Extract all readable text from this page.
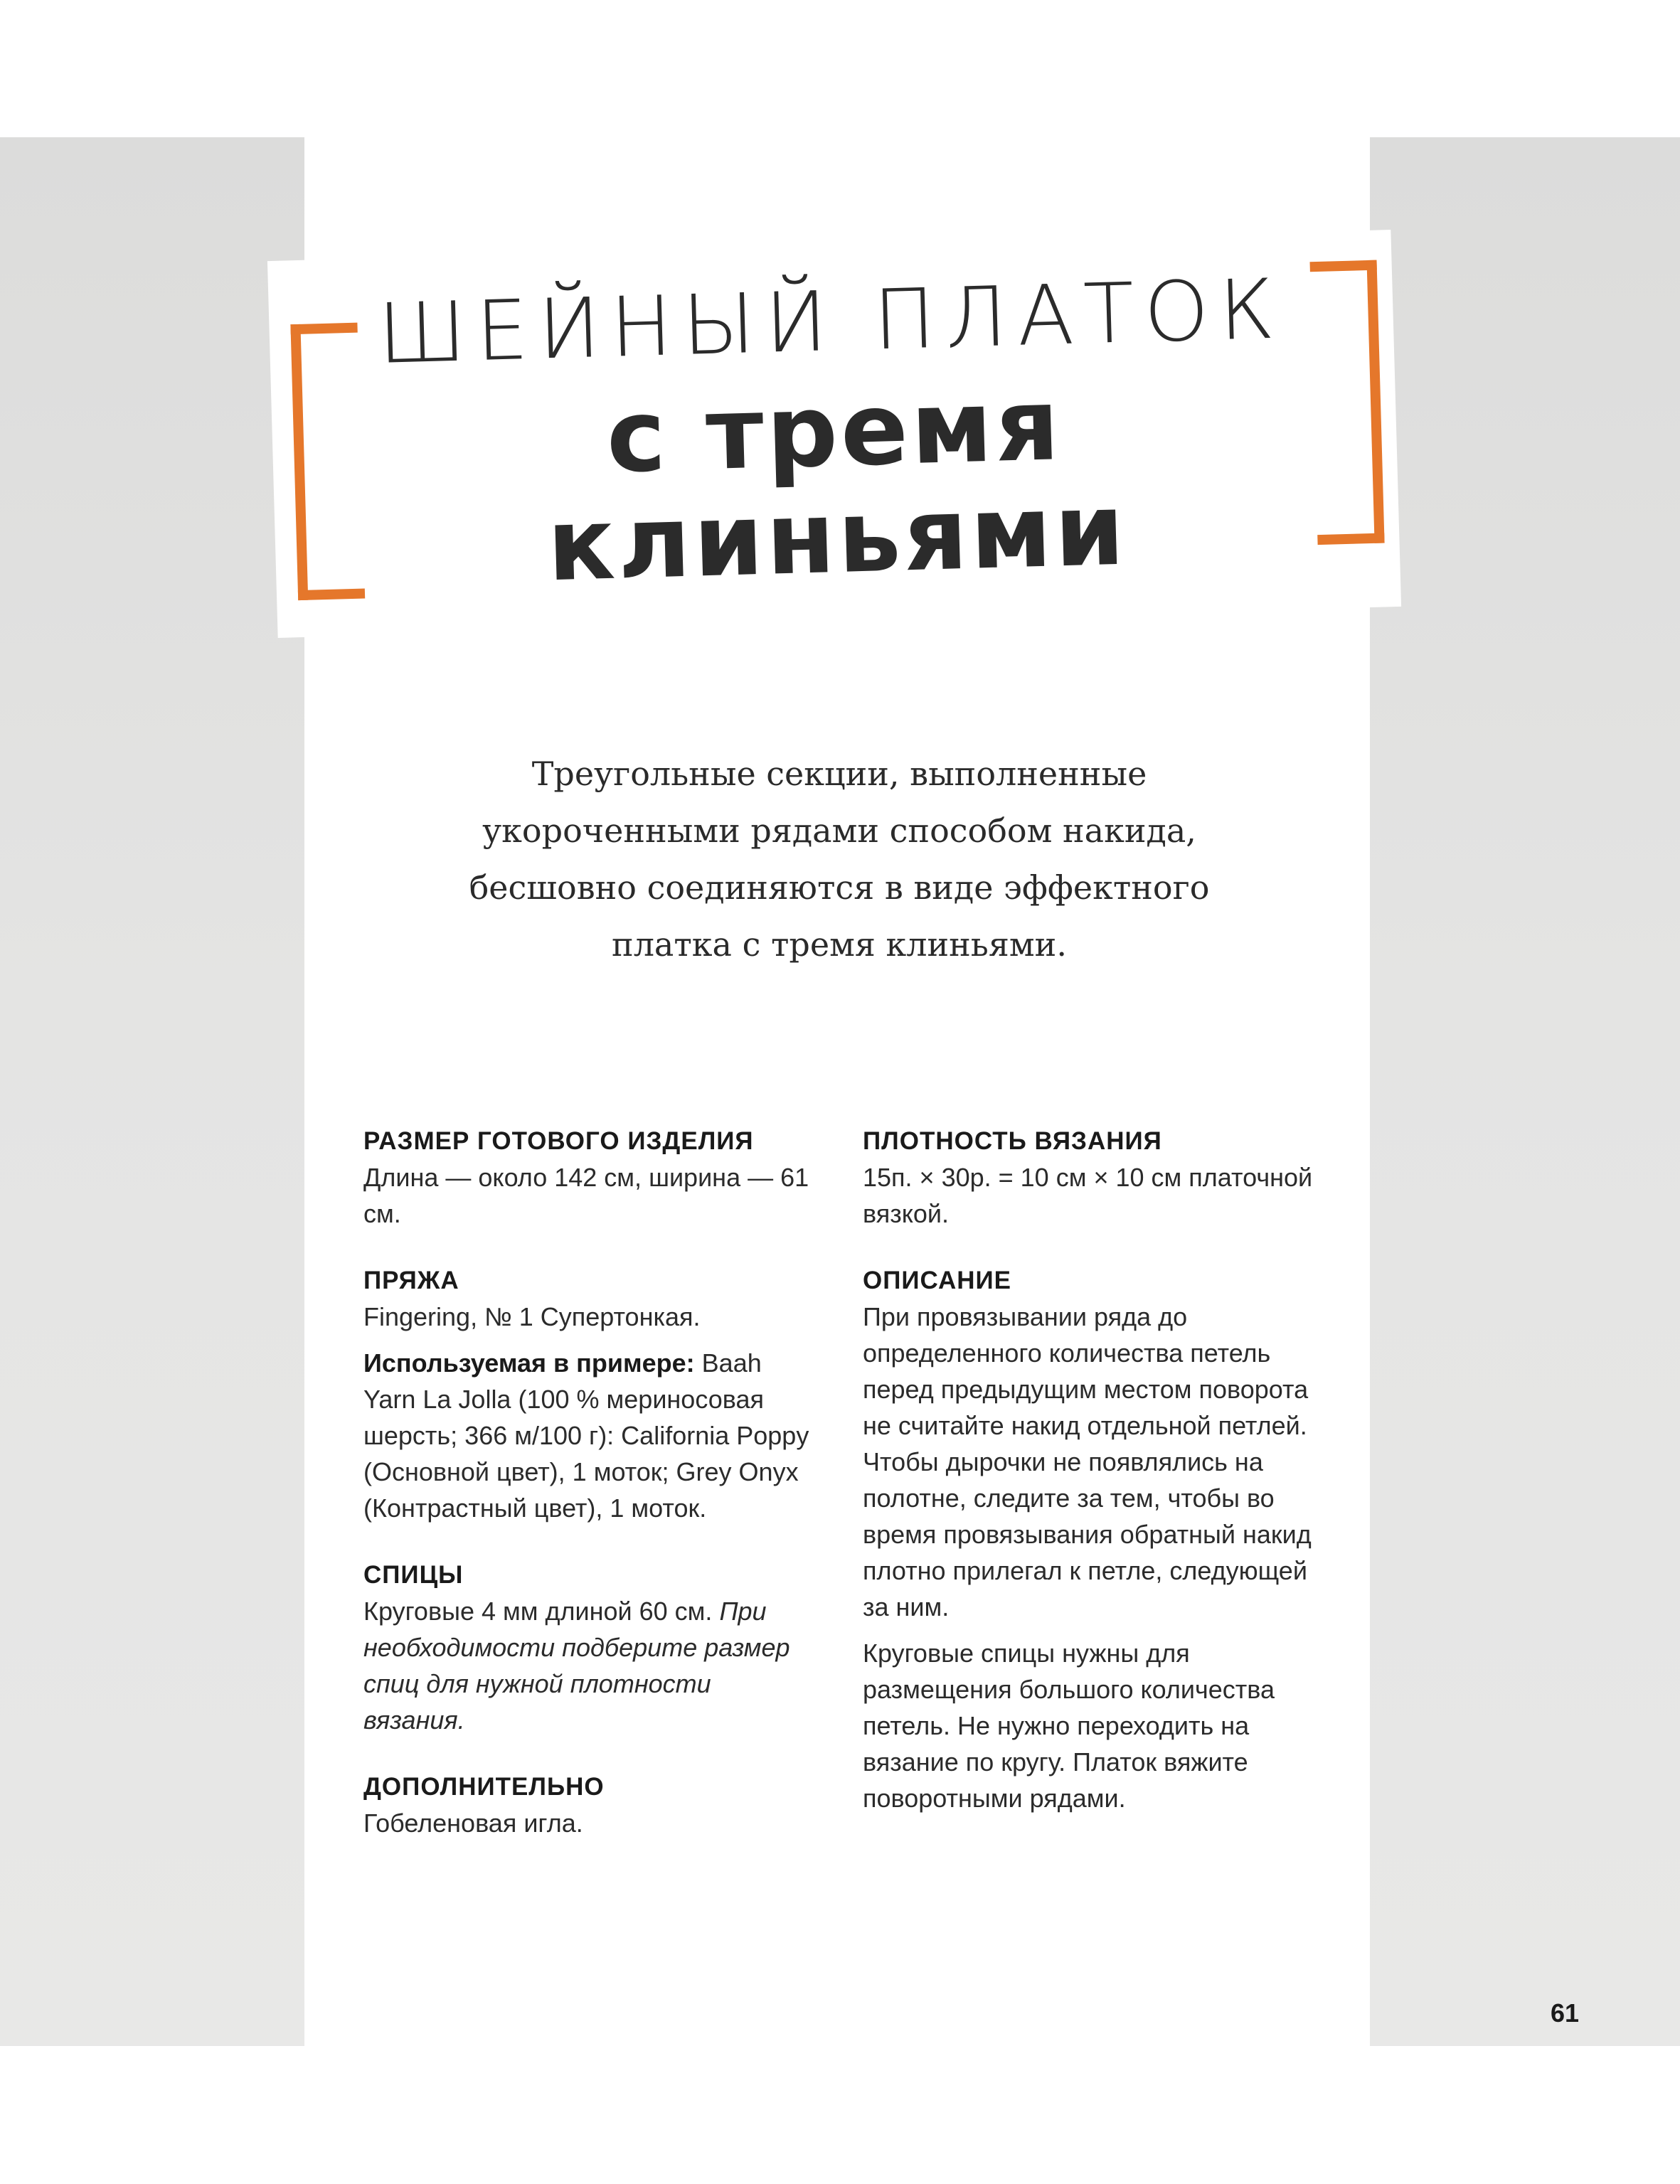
ШЕЙНЫЙ ПЛАТОК
с тремя
клиньями
Треугольные секции, выполненные
укороченными рядами способом накида,
бесшовно соединяются в виде эффектного
платка с тремя клиньями.
РАЗМЕР ГОТОВОГО ИЗДЕЛИЯ

Длина — около 142 см, ширина — 61 см.

ПРЯЖА

Fingering, № 1 Супертонкая.

Используемая в примере: Baah Yarn La Jolla (100 % мериносовая шерсть; 366 м/100 г): California Poppy (Основной цвет), 1 моток; Grey Onyx (Контрастный цвет), 1 моток.

СПИЦЫ

Круговые 4 мм длиной 60 см. При необходимости подберите размер спиц для нужной плотности вязания.

ДОПОЛНИТЕЛЬНО

Гобеленовая игла.

ПЛОТНОСТЬ ВЯЗАНИЯ

15п. × 30р. = 10 см × 10 см платочной вязкой.

ОПИСАНИЕ

При провязывании ряда до определенного количества петель перед предыдущим местом поворота не считайте накид отдельной петлей. Чтобы дырочки не появлялись на полотне, следите за тем, чтобы во время провязывания обратный накид плотно прилегал к петле, следующей за ним.

Круговые спицы нужны для размещения большого количества петель. Не нужно переходить на вязание по кругу. Платок вяжите поворотными рядами.

61
